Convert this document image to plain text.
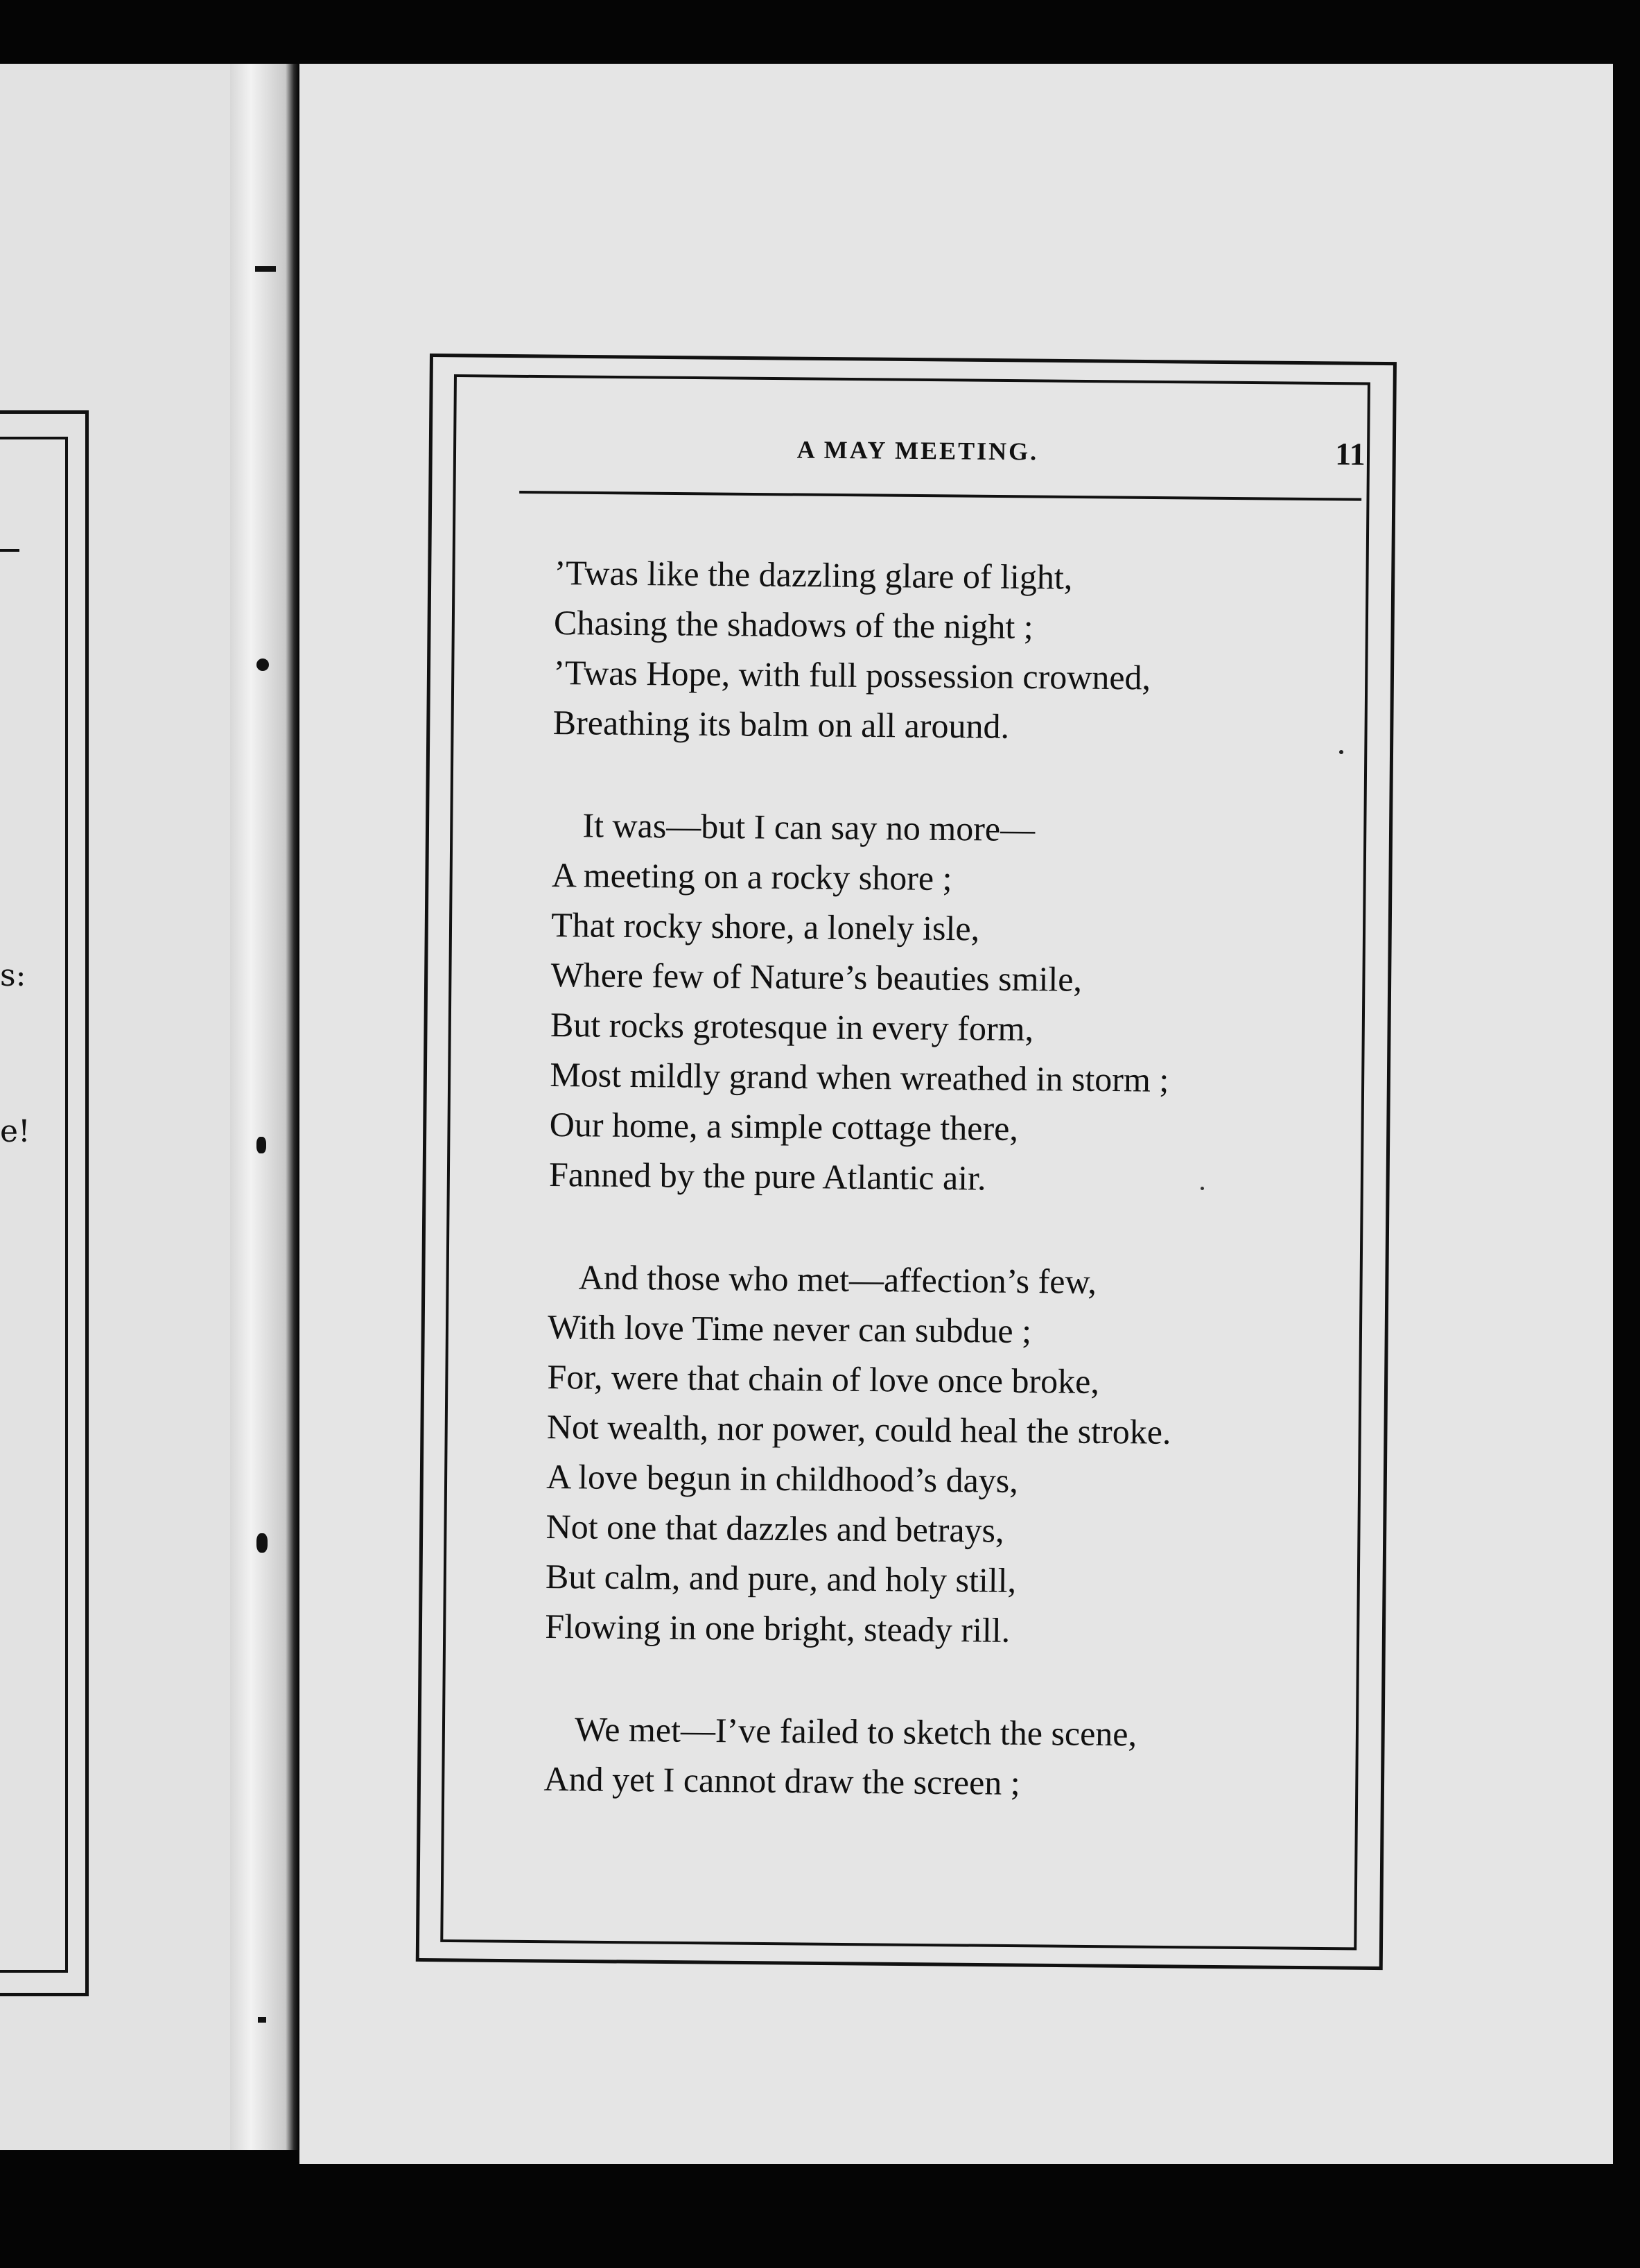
s:
e!
A MAY MEETING.	11
’Twas like the dazzling glare of light,
Chasing the shadows of the night ;
’Twas Hope, with full possession crowned,
Breathing its balm on all around.
It was—but I can say no more—
A meeting on a rocky shore ;
That rocky shore, a lonely isle,
Where few of Nature’s beauties smile,
But rocks grotesque in every form,
Most mildly grand when wreathed in storm ;
Our home, a simple cottage there,
Fanned by the pure Atlantic air.
And those who met—affection’s few,
With love Time never can subdue ;
For, were that chain of love once broke,
Not wealth, nor power, could heal the stroke.
A love begun in childhood’s days,
Not one that dazzles and betrays,
But calm, and pure, and holy still,
Flowing in one bright, steady rill.
We met—I’ve failed to sketch the scene,
And yet I cannot draw the screen ;
